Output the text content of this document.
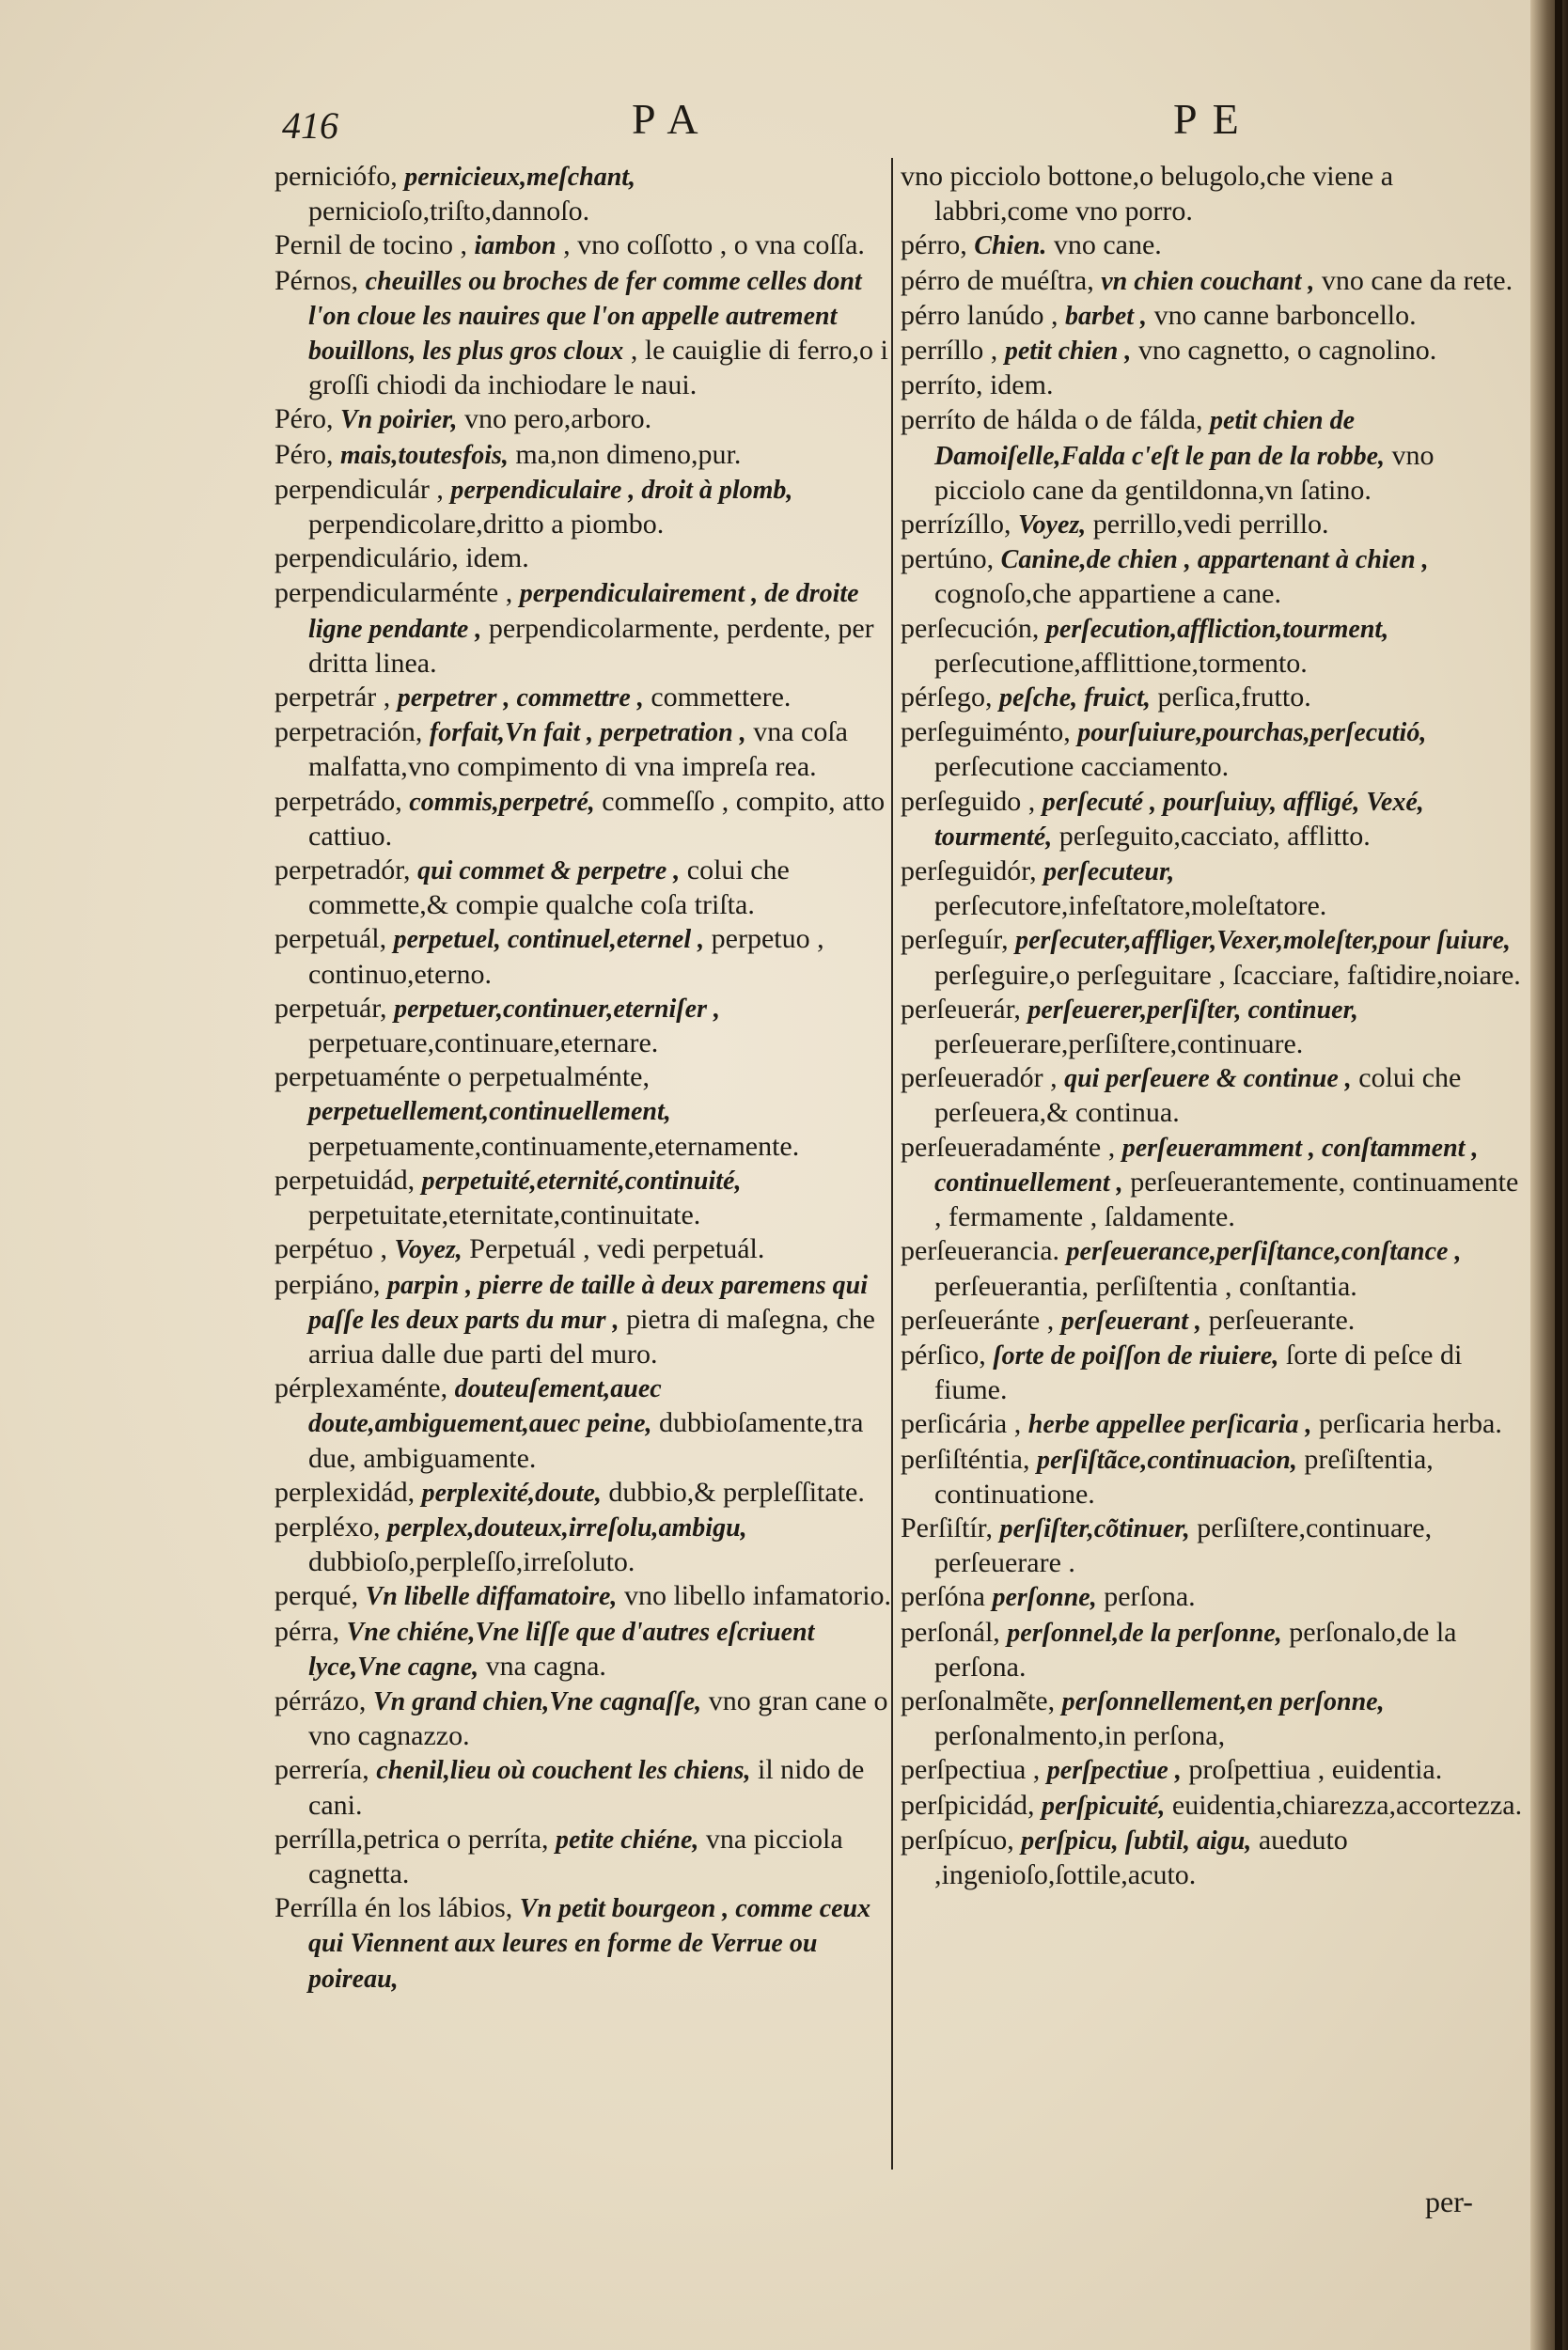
416	PA	PE

perniciófo, pernicieux,meſchant, pernicioſo,triſto,dannoſo.

Pernil de tocino , iambon , vno coſſotto , o vna coſſa.

Pérnos, cheuilles ou broches de fer comme celles dont l'on cloue les nauires que l'on appelle autrement bouillons, les plus gros cloux , le cauiglie di ferro,o i groſſi chiodi da inchiodare le naui.

Péro, Vn poirier, vno pero,arboro.

Péro, mais,toutesfois, ma,non dimeno,pur.

perpendiculár , perpendiculaire , droit à plomb, perpendicolare,dritto a piombo.

perpendiculário, idem.

perpendicularménte , perpendiculairement , de droite ligne pendante , perpendicolarmente, perdente, per dritta linea.

perpetrár , perpetrer , commettre , commettere.

perpetración, forfait,Vn fait , perpetration , vna coſa malfatta,vno compimento di vna impreſa rea.

perpetrádo, commis,perpetré, commeſſo , compito, atto cattiuo.

perpetradór, qui commet & perpetre , colui che commette,& compie qualche coſa triſta.

perpetuál, perpetuel, continuel,eternel , perpetuo , continuo,eterno.

perpetuár, perpetuer,continuer,eterniſer , perpetuare,continuare,eternare.

perpetuaménte o perpetualménte, perpetuellement,continuellement, perpetuamente,continuamente,eternamente.

perpetuidád, perpetuité,eternité,continuité, perpetuitate,eternitate,continuitate.

perpétuo , Voyez, Perpetuál , vedi perpetuál.

perpiáno, parpin , pierre de taille à deux paremens qui paſſe les deux parts du mur , pietra di maſegna, che arriua dalle due parti del muro.

pérplexaménte, douteuſement,auec doute,ambiguement,auec peine, dubbioſamente,tra due, ambiguamente.

perplexidád, perplexité,doute, dubbio,& perpleſſitate.

perpléxo, perplex,douteux,irreſolu,ambigu, dubbioſo,perpleſſo,irreſoluto.

perqué, Vn libelle diffamatoire, vno libello infamatorio.

pérra, Vne chiéne,Vne liſſe que d'autres eſcriuent lyce,Vne cagne, vna cagna.

pérrázo, Vn grand chien,Vne cagnaſſe, vno gran cane o vno cagnazzo.

perrería, chenil,lieu où couchent les chiens, il nido de cani.

perrílla,petrica o perríta, petite chiéne, vna picciola cagnetta.

Perrílla én los lábios, Vn petit bourgeon , comme ceux qui Viennent aux leures en forme de Verrue ou poireau,

vno picciolo bottone,o belugolo,che viene a labbri,come vno porro.

pérro, Chien. vno cane.

pérro de muéſtra, vn chien couchant , vno cane da rete.

pérro lanúdo , barbet , vno canne barboncello.

perríllo , petit chien , vno cagnetto, o cagnolino.

perríto, idem.

perríto de hálda o de fálda, petit chien de Damoiſelle,Falda c'eſt le pan de la robbe, vno picciolo cane da gentildonna,vn ſatino.

perrízíllo, Voyez, perrillo,vedi perrillo.

pertúno, Canine,de chien , appartenant à chien , cognoſo,che appartiene a cane.

perſecución, perſecution,affliction,tourment, perſecutione,afflittione,tormento.

pérſego, peſche, fruict, perſica,frutto.

perſeguiménto, pourſuiure,pourchas,perſecutió, perſecutione cacciamento.

perſeguido , perſecuté , pourſuiuy, affligé, Vexé, tourmenté, perſeguito,cacciato, afflitto.

perſeguidór, perſecuteur, perſecutore,infeſtatore,moleſtatore.

perſeguír, perſecuter,affliger,Vexer,moleſter,pour ſuiure, perſeguire,o perſeguitare , ſcacciare, faſtidire,noiare.

perſeuerár, perſeuerer,perſiſter, continuer, perſeuerare,perſiſtere,continuare.

perſeueradór , qui perſeuere & continue , colui che perſeuera,& continua.

perſeueradaménte , perſeueramment , conſtamment , continuellement , perſeuerantemente, continuamente , fermamente , ſaldamente.

perſeuerancia. perſeuerance,perſiſtance,conſtance , perſeuerantia, perſiſtentia , conſtantia.

perſeueránte , perſeuerant , perſeuerante.

pérſico, ſorte de poiſſon de riuiere, ſorte di peſce di fiume.

perſicária , herbe appellee perſicaria , perſicaria herba.

perſiſténtia, perſiſtãce,continuacion, preſiſtentia, continuatione.

Perſiſtír, perſiſter,cõtinuer, perſiſtere,continuare, perſeuerare .

perſóna perſonne, perſona.

perſonál, perſonnel,de la perſonne, perſonalo,de la perſona.

perſonalmẽte, perſonnellement,en perſonne, perſonalmento,in perſona,

perſpectiua , perſpectiue , proſpettiua , euidentia.

perſpicidád, perſpicuité, euidentia,chiarezza,accortezza.

perſpícuo, perſpicu, ſubtil, aigu, aueduto ,ingenioſo,ſottile,acuto.

per-
